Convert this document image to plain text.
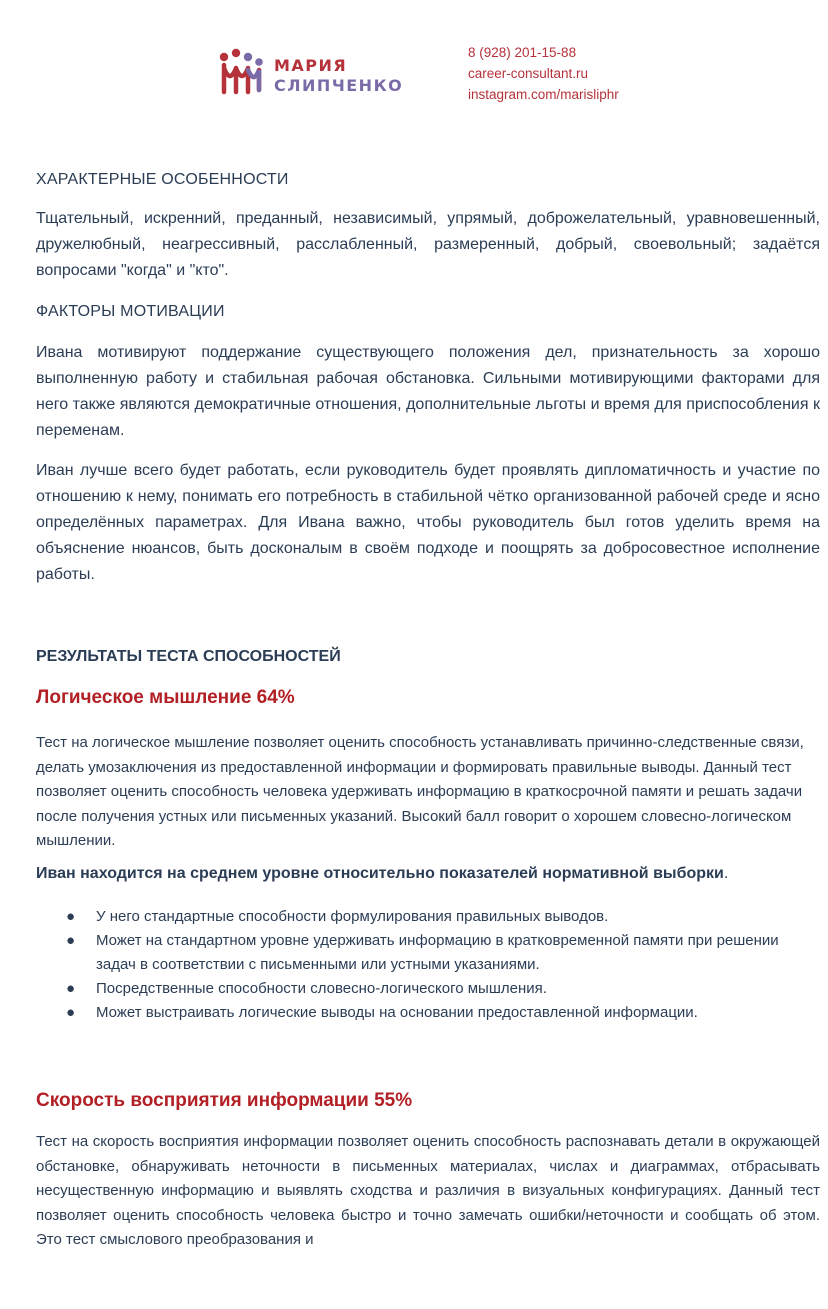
МАРИЯ
СЛИПЧЕНКО
8 (928) 201-15-88
career-consultant.ru
instagram.com/marisliphr

ХАРАКТЕРНЫЕ ОСОБЕННОСТИ

Тщательный, искренний, преданный, независимый, упрямый, доброжелательный, уравновешенный, дружелюбный, неагрессивный, расслабленный, размеренный, добрый, своевольный; задаётся вопросами "когда" и "кто".

ФАКТОРЫ МОТИВАЦИИ

Ивана мотивируют поддержание существующего положения дел, признательность за хорошо выполненную работу и стабильная рабочая обстановка. Сильными мотивирующими факторами для него также являются демократичные отношения, дополнительные льготы и время для приспособления к переменам.

Иван лучше всего будет работать, если руководитель будет проявлять дипломатичность и участие по отношению к нему, понимать его потребность в стабильной чётко организованной рабочей среде и ясно определённых параметрах. Для Ивана важно, чтобы руководитель был готов уделить время на объяснение нюансов, быть досконалым в своём подходе и поощрять за добросовестное исполнение работы.

РЕЗУЛЬТАТЫ ТЕСТА СПОСОБНОСТЕЙ

Логическое мышление 64%

Тест на логическое мышление позволяет оценить способность устанавливать причинно-следственные связи, делать умозаключения из предоставленной информации и формировать правильные выводы. Данный тест позволяет оценить способность человека удерживать информацию в краткосрочной памяти и решать задачи после получения устных или письменных указаний. Высокий балл говорит о хорошем словесно-логическом мышлении.

Иван находится на среднем уровне относительно показателей нормативной выборки.

● У него стандартные способности формулирования правильных выводов.
● Может на стандартном уровне удерживать информацию в кратковременной памяти при решении задач в соответствии с письменными или устными указаниями.
● Посредственные способности словесно-логического мышления.
● Может выстраивать логические выводы на основании предоставленной информации.

Скорость восприятия информации 55%

Тест на скорость восприятия информации позволяет оценить способность распознавать детали в окружающей обстановке, обнаруживать неточности в письменных материалах, числах и диаграммах, отбрасывать несущественную информацию и выявлять сходства и различия в визуальных конфигурациях. Данный тест позволяет оценить способность человека быстро и точно замечать ошибки/неточности и сообщать об этом. Это тест смыслового преобразования и
